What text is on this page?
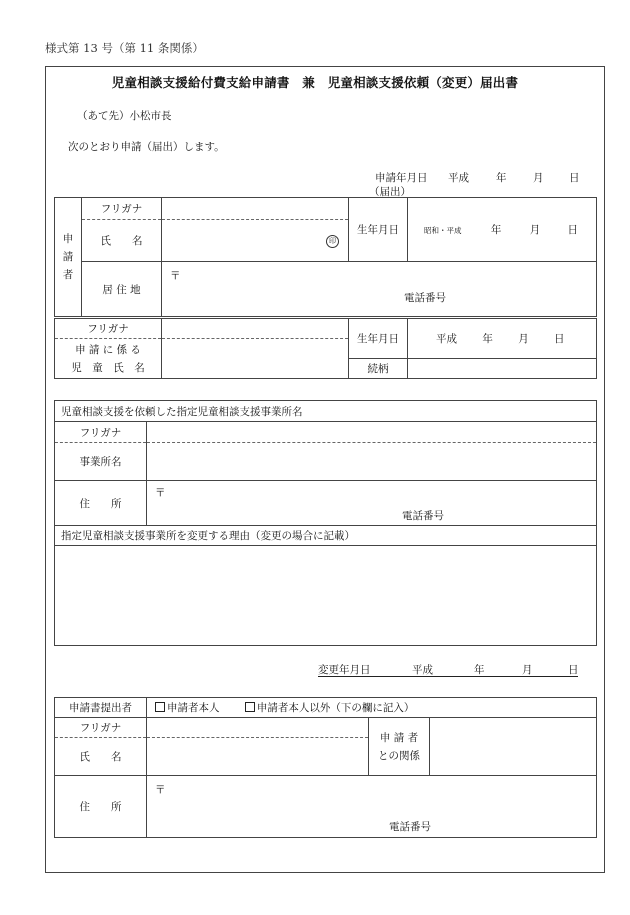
様式第 13 号（第 11 条関係）
児童相談支援給付費支給申請書　兼　児童相談支援依頼（変更）届出書
（あて先）小松市長
次のとおり申請（届出）します。
申請年月日
（届出）
平成	年	月 日
申
請
者	フリガナ		生年月日	昭和・平成 年 月 日
	氏　　名	印		
	居 住 地	〒
電話番号		
フリガナ		生年月日	平成 年 月 日
申 請 に 係 る
児　童　氏　名			
		続柄	
児童相談支援を依頼した指定児童相談支援事業所名	
フリガナ	
事業所名	
住　　所	〒
電話番号

指定児童相談支援事業所を変更する理由（変更の場合に記載）	

変更年月日	平成	年	月	日
申請書提出者	申請者本人 申請者本人以外（下の欄に記入）		
フリガナ		申 請 者
との関係	
氏　　名			
住　　所	〒
電話番号		
